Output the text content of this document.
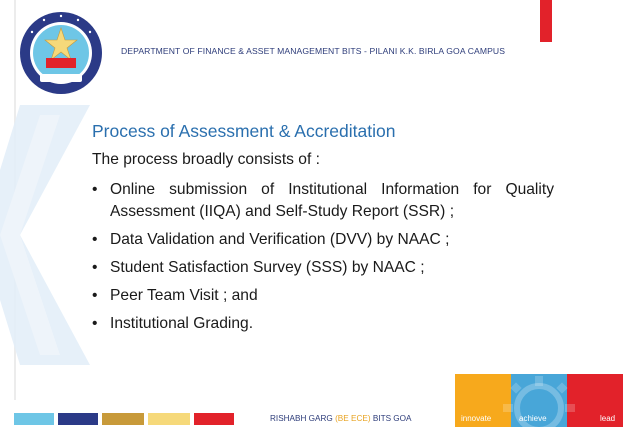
DEPARTMENT OF FINANCE & ASSET MANAGEMENT BITS - PILANI K.K. BIRLA GOA CAMPUS
Process of Assessment & Accreditation
The process broadly consists of :
• Online submission of Institutional Information for Quality Assessment (IIQA) and Self-Study Report (SSR) ;
• Data Validation and Verification (DVV) by NAAC ;
• Student Satisfaction Survey (SSS) by NAAC ;
• Peer Team Visit ; and
• Institutional Grading.
RISHABH GARG (BE ECE) BITS GOA	innovate	achieve	lead
